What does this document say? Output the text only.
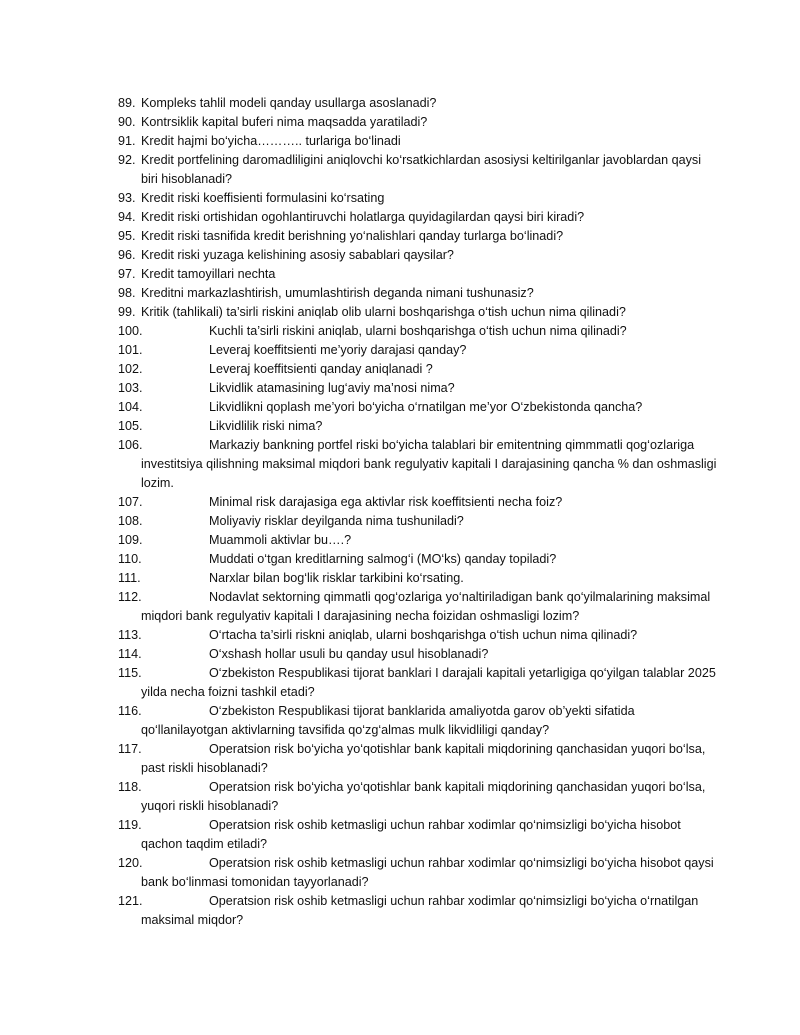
89. Kompleks tahlil modeli qanday usullarga asoslanadi?
90. Kontrsiklik kapital buferi nima maqsadda yaratiladi?
91. Kredit hajmi bo‘yicha……….. turlariga bo‘linadi
92. Kredit portfelining daromadliligini aniqlovchi ko‘rsatkichlardan asosiysi keltirilganlar javoblardan qaysi biri hisoblanadi?
93. Kredit riski koeffisienti formulasini ko‘rsating
94. Kredit riski ortishidan ogohlantiruvchi holatlarga quyidagilardan qaysi biri kiradi?
95. Kredit riski tasnifida kredit berishning yo‘nalishlari qanday turlarga bo‘linadi?
96. Kredit riski yuzaga kelishining asosiy sabablari qaysilar?
97. Kredit tamoyillari nechta
98. Kreditni markazlashtirish, umumlashtirish deganda nimani tushunasiz?
99. Kritik (tahlikali) ta’sirli riskini aniqlab olib ularni boshqarishga o‘tish uchun nima qilinadi?
100.	Kuchli ta’sirli riskini aniqlab, ularni boshqarishga o‘tish uchun nima qilinadi?
101.	Leveraj koeffitsienti me’yoriy darajasi qanday?
102.	Leveraj koeffitsienti qanday aniqlanadi ?
103.	Likvidlik atamasining lug‘aviy ma’nosi nima?
104.	Likvidlikni qoplash me’yori bo‘yicha o‘rnatilgan me’yor O‘zbekistonda qancha?
105.	Likvidlilik riski nima?
106.	Markaziy bankning portfel riski bo‘yicha talablari bir emitentning qimmmatli qog‘ozlariga investitsiya qilishning maksimal miqdori bank regulyativ kapitali I darajasining qancha % dan oshmasligi lozim.
107.	Minimal risk darajasiga ega aktivlar risk koeffitsienti necha foiz?
108.	Moliyaviy risklar deyilganda nima tushuniladi?
109.	Muammoli aktivlar bu….?
110.	Muddati o‘tgan kreditlarning salmog‘i (MO‘ks) qanday topiladi?
111.	Narxlar bilan bog‘lik risklar tarkibini ko‘rsating.
112.	Nodavlat sektorning qimmatli qog‘ozlariga yo‘naltiriladigan bank qo‘yilmalarining maksimal miqdori bank regulyativ kapitali I darajasining necha foizidan oshmasligi lozim?
113.	O‘rtacha ta’sirli riskni aniqlab, ularni boshqarishga o‘tish uchun nima qilinadi?
114.	O‘xshash hollar usuli bu qanday usul hisoblanadi?
115.	O‘zbekiston Respublikasi tijorat banklari I darajali kapitali yetarligiga qo‘yilgan talablar 2025 yilda necha foizni tashkil etadi?
116.	O‘zbekiston Respublikasi tijorat banklarida amaliyotda garov ob’yekti sifatida qo‘llanilayotgan aktivlarning tavsifida qo‘zg‘almas mulk likvidliligi qanday?
117.	Operatsion risk bo‘yicha yo‘qotishlar bank kapitali miqdorining qanchasidan yuqori bo‘lsa, past riskli hisoblanadi?
118.	Operatsion risk bo‘yicha yo‘qotishlar bank kapitali miqdorining qanchasidan yuqori bo‘lsa, yuqori riskli hisoblanadi?
119.	Operatsion risk oshib ketmasligi uchun rahbar xodimlar qo‘nimsizligi bo‘yicha hisobot qachon taqdim etiladi?
120.	Operatsion risk oshib ketmasligi uchun rahbar xodimlar qo‘nimsizligi bo‘yicha hisobot qaysi bank bo‘linmasi tomonidan tayyorlanadi?
121.	Operatsion risk oshib ketmasligi uchun rahbar xodimlar qo‘nimsizligi bo‘yicha o‘rnatilgan maksimal miqdor?
